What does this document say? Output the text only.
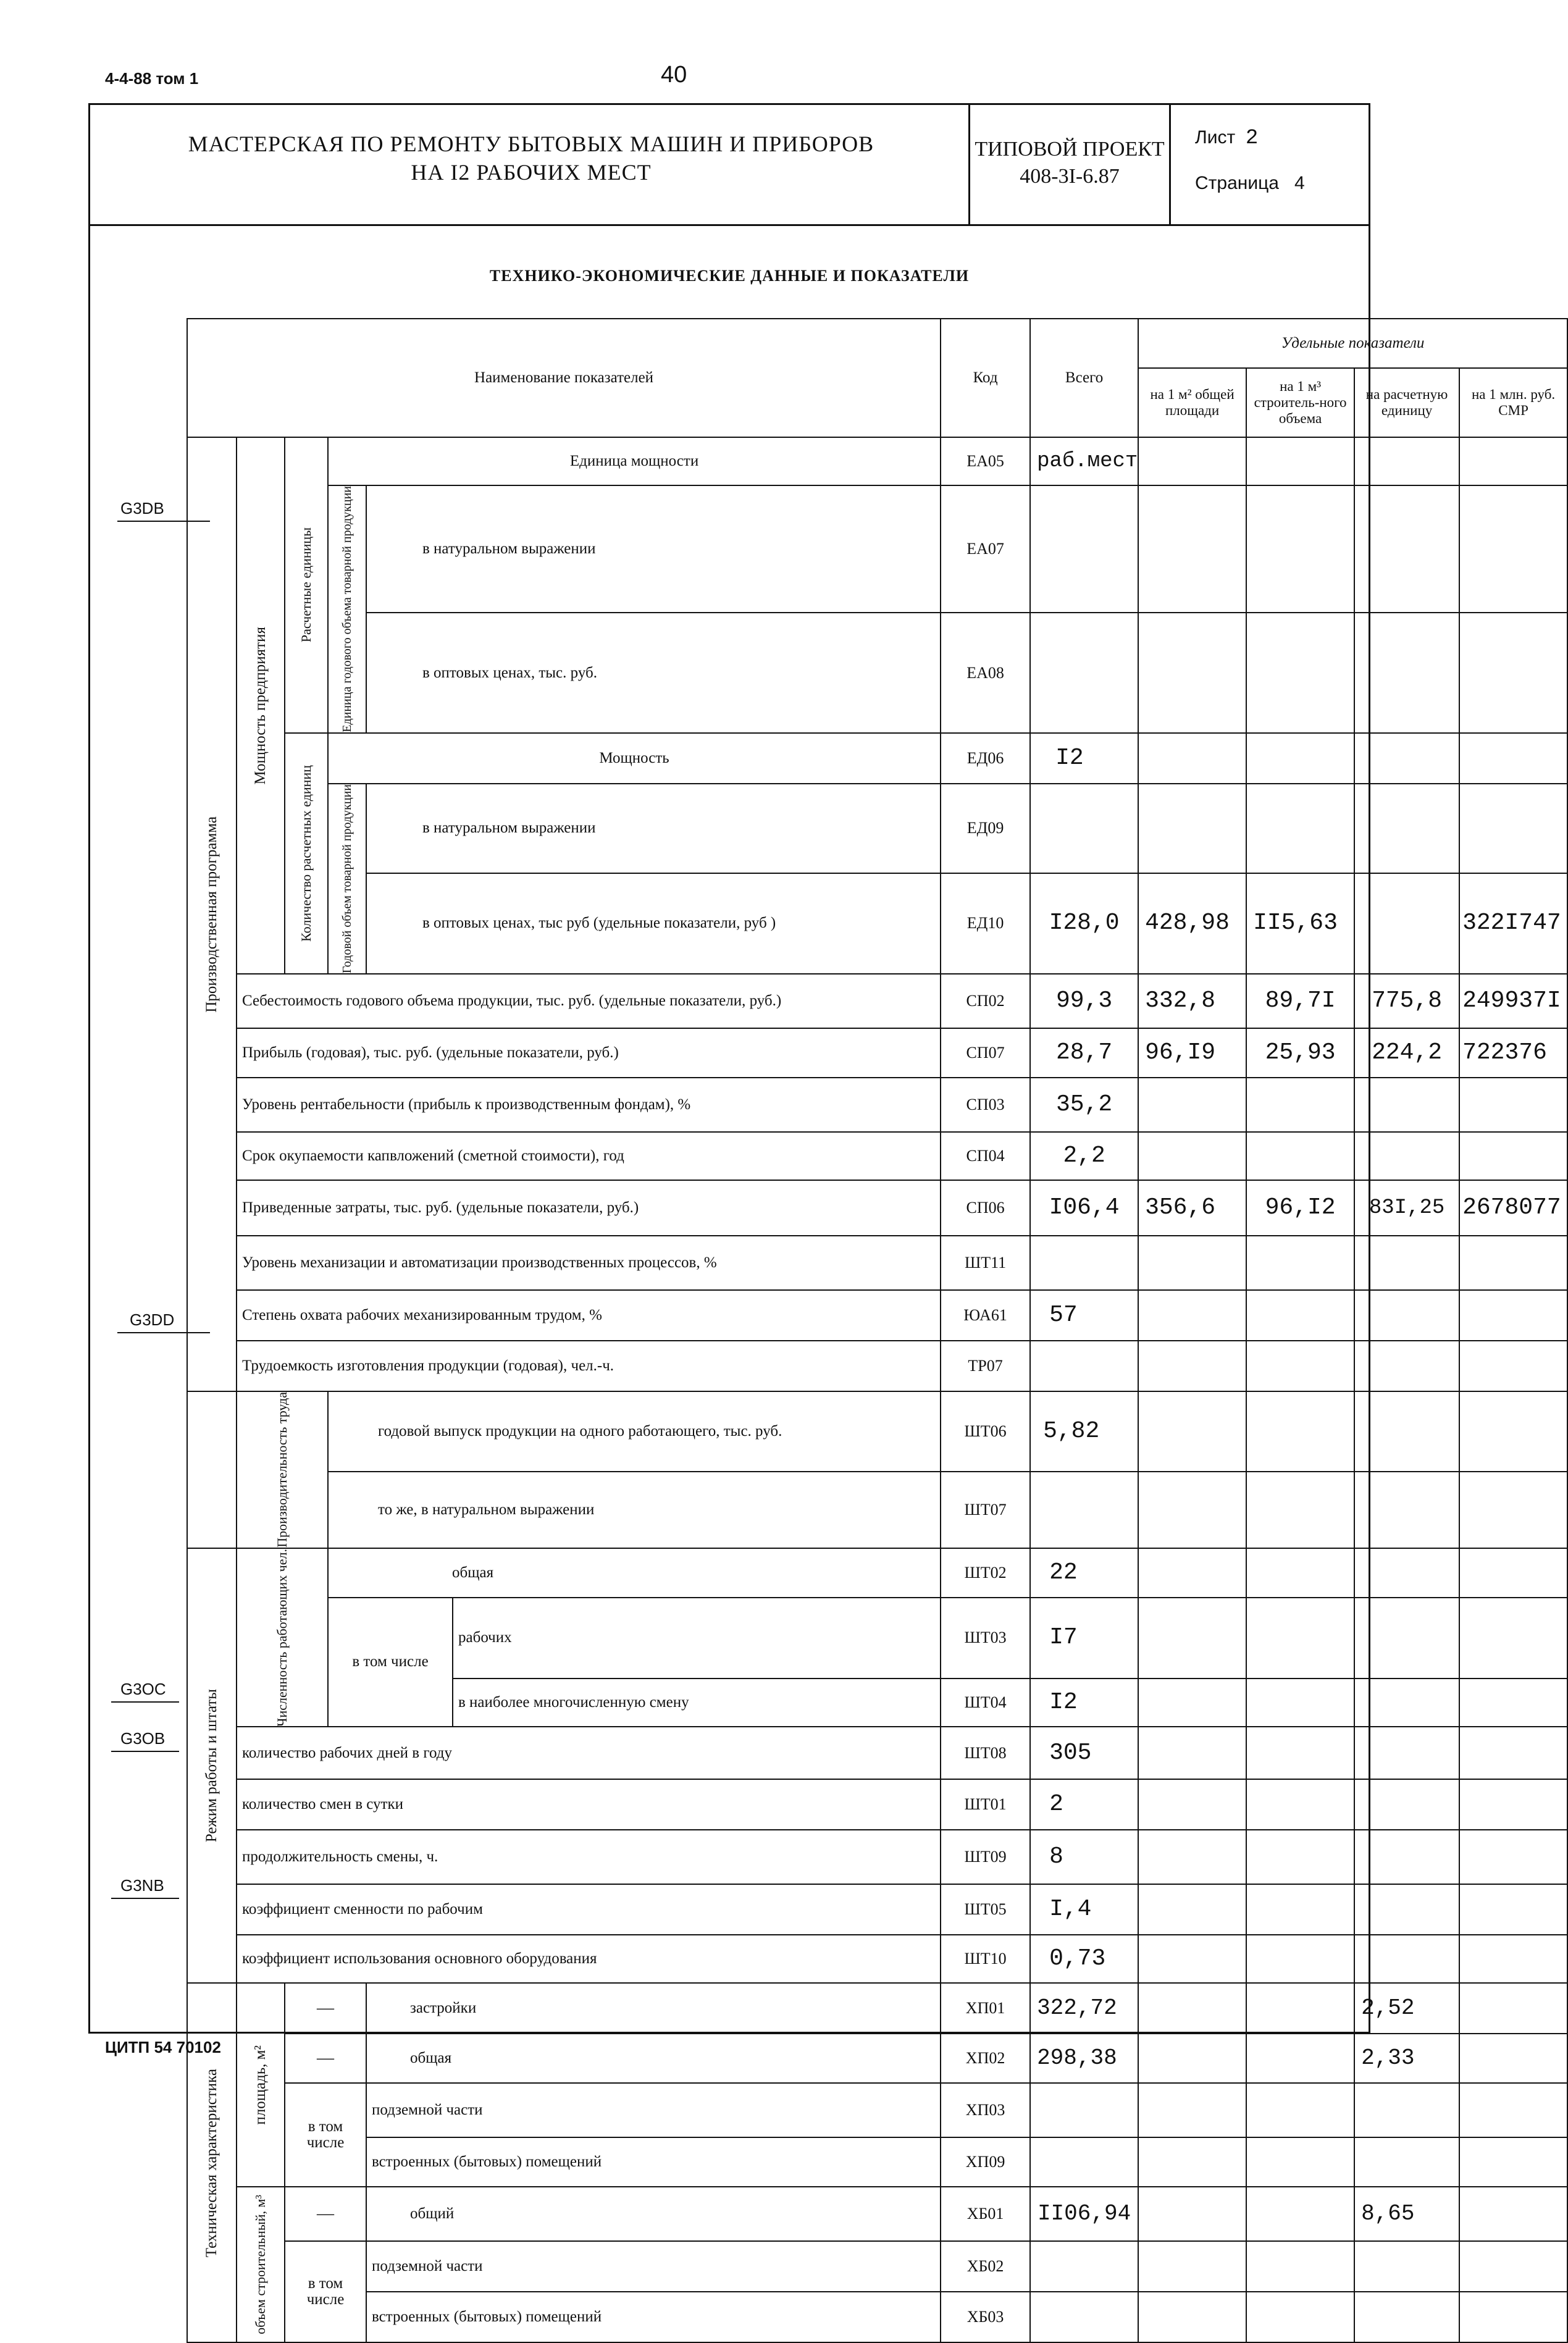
4-4-88 том 1	40
МАСТЕРСКАЯ ПО РЕМОНТУ БЫТОВЫХ МАШИН И ПРИБОРОВ
НА I2 РАБОЧИХ МЕСТ
ТИПОВОЙ ПРОЕКТ
408-3I-6.87
Лист 2
Страница 4
ТЕХНИКО-ЭКОНОМИЧЕСКИЕ ДАННЫЕ И ПОКАЗАТЕЛИ
Наименование показателей						Код	Всего	Удельные показатели			
								на 1 м² общей площади	на 1 м³ строитель-ного объема	на расчетную единицу	на 1 млн. руб. СМР

Производственная программа	Мощность предприятия	Расчетные единицы	Единица мощности			ЕА05	раб.мест				

			Единица годового объема товарной продукции	в натуральном выражении		ЕА07					
				в оптовых ценах, тыс. руб.		ЕА08					

		Количество расчетных единиц	Мощность			ЕД06	I2				

			Годовой объем товарной продукции	в натуральном выражении		ЕД09					
				в оптовых ценах, тыс руб (удельные показатели, руб )		ЕД10	I28,0	428,98	II5,63		322I747
	Себестоимость годового объема продукции, тыс. руб. (удельные показатели, руб.)					СП02	99,3	332,8	89,7I	775,8	249937I
	Прибыль (годовая), тыс. руб. (удельные показатели, руб.)					СП07	28,7	96,I9	25,93	224,2	722376
	Уровень рентабельности (прибыль к производственным фондам), %					СП03	35,2				
	Срок окупаемости капвложений (сметной стоимости), год					СП04	2,2				
	Приведенные затраты, тыс. руб. (удельные показатели, руб.)					СП06	I06,4	356,6	96,I2	83I,25	2678077
	Уровень механизации и автоматизации производственных процессов, %					ШТ11					
	Степень охвата рабочих механизированным трудом, %					ЮА61	57				
	Трудоемкость изготовления продукции (годовая), чел.-ч.					ТР07					

	Производительность труда		годовой выпуск продукции на одного работающего, тыс. руб.			ШТ06	5,82				
			то же, в натуральном выражении			ШТ07					

Режим работы и штаты	Численность работающих чел.		общая			ШТ02	22				
			в том числе		рабочих	ШТ03	I7				
					в наиболее многочисленную смену	ШТ04	I2				
	количество рабочих дней в году					ШТ08	305				
	количество смен в сутки					ШТ01	2				
	продолжительность смены, ч.					ШТ09	8				
	коэффициент сменности по рабочим					ШТ05	I,4				
	коэффициент использования основного оборудования					ШТ10	0,73				

Техническая характеристика	площадь, м²	—		застройки		ХП01	322,72			2,52	
		—		общая		ХП02	298,38			2,33	
		в том числе		подземной части		ХП03					
				встроенных (бытовых) помещений		ХП09					

	объем строительный, м³	—		общий		ХБ01	II06,94			8,65	
		в том числе		подземной части		ХБ02					
				встроенных (бытовых) помещений		ХБ03					
G3DB
G3DD
G3OC
G3OB
G3NB
ЦИТП 54 70102
